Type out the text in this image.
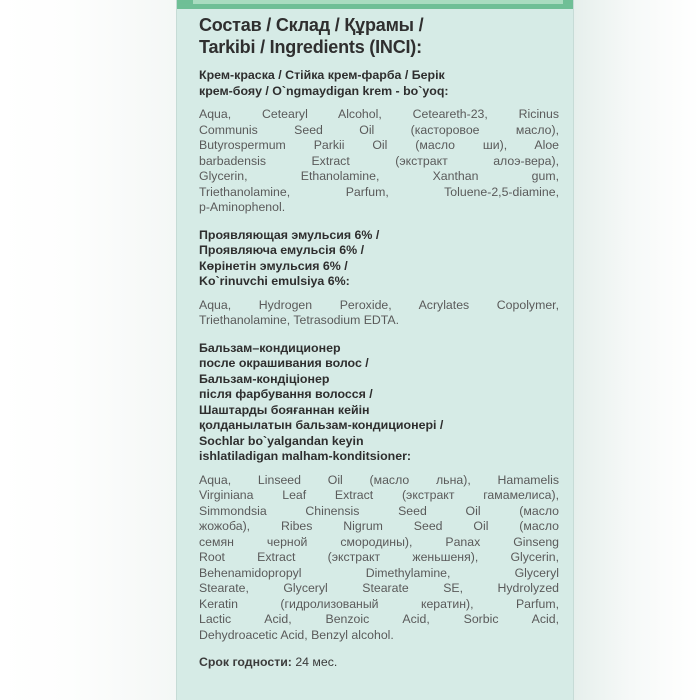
Состав / Склад / Құрамы /
Tarkibi / Ingredients (INCI):
Крем-краска / Стійка крем-фарба / Берік
крем-бояу / O`ngmaydigan krem - bo`yoq:
Aqua, Cetearyl Alcohol, Ceteareth-23, Ricinus
Communis Seed Oil (касторовое масло),
Butyrospermum Parkii Oil (масло ши), Aloe
barbadensis Extract (экстракт алоэ-вера),
Glycerin, Ethanolamine, Xanthan gum,
Triethanolamine, Parfum, Toluene-2,5-diamine,
p-Aminophenol.
Проявляющая эмульсия 6% /
Проявляюча емульсія 6% /
Көрінетін эмульсия 6% /
Ko`rinuvchi emulsiya 6%:
Aqua, Hydrogen Peroxide, Acrylates Copolymer,
Triethanolamine, Tetrasodium EDTA.
Бальзам–кондиционер
после окрашивания волос /
Бальзам-кондіціонер
після фарбування волосся /
Шаштарды бояғаннан кейін
қолданылатын бальзам-кондиционері /
Sochlar bo`yalgandan keyin
ishlatiladigan malham-konditsioner:
Aqua, Linseed Oil (масло льна), Hamamelis
Virginiana Leaf Extract (экстракт гамамелиса),
Simmondsia Chinensis Seed Oil (масло
жожоба), Ribes Nigrum Seed Oil (масло
семян черной смородины), Panax Ginseng
Root Extract (экстракт женьшеня), Glycerin,
Behenamidopropyl Dimethylamine, Glyceryl
Stearate, Glyceryl Stearate SE, Hydrolyzed
Keratin (гидролизованый кератин), Parfum,
Lactic Acid, Benzoic Acid, Sorbic Acid,
Dehydroacetic Acid, Benzyl alcohol.
Срок годности: 24 мес.
